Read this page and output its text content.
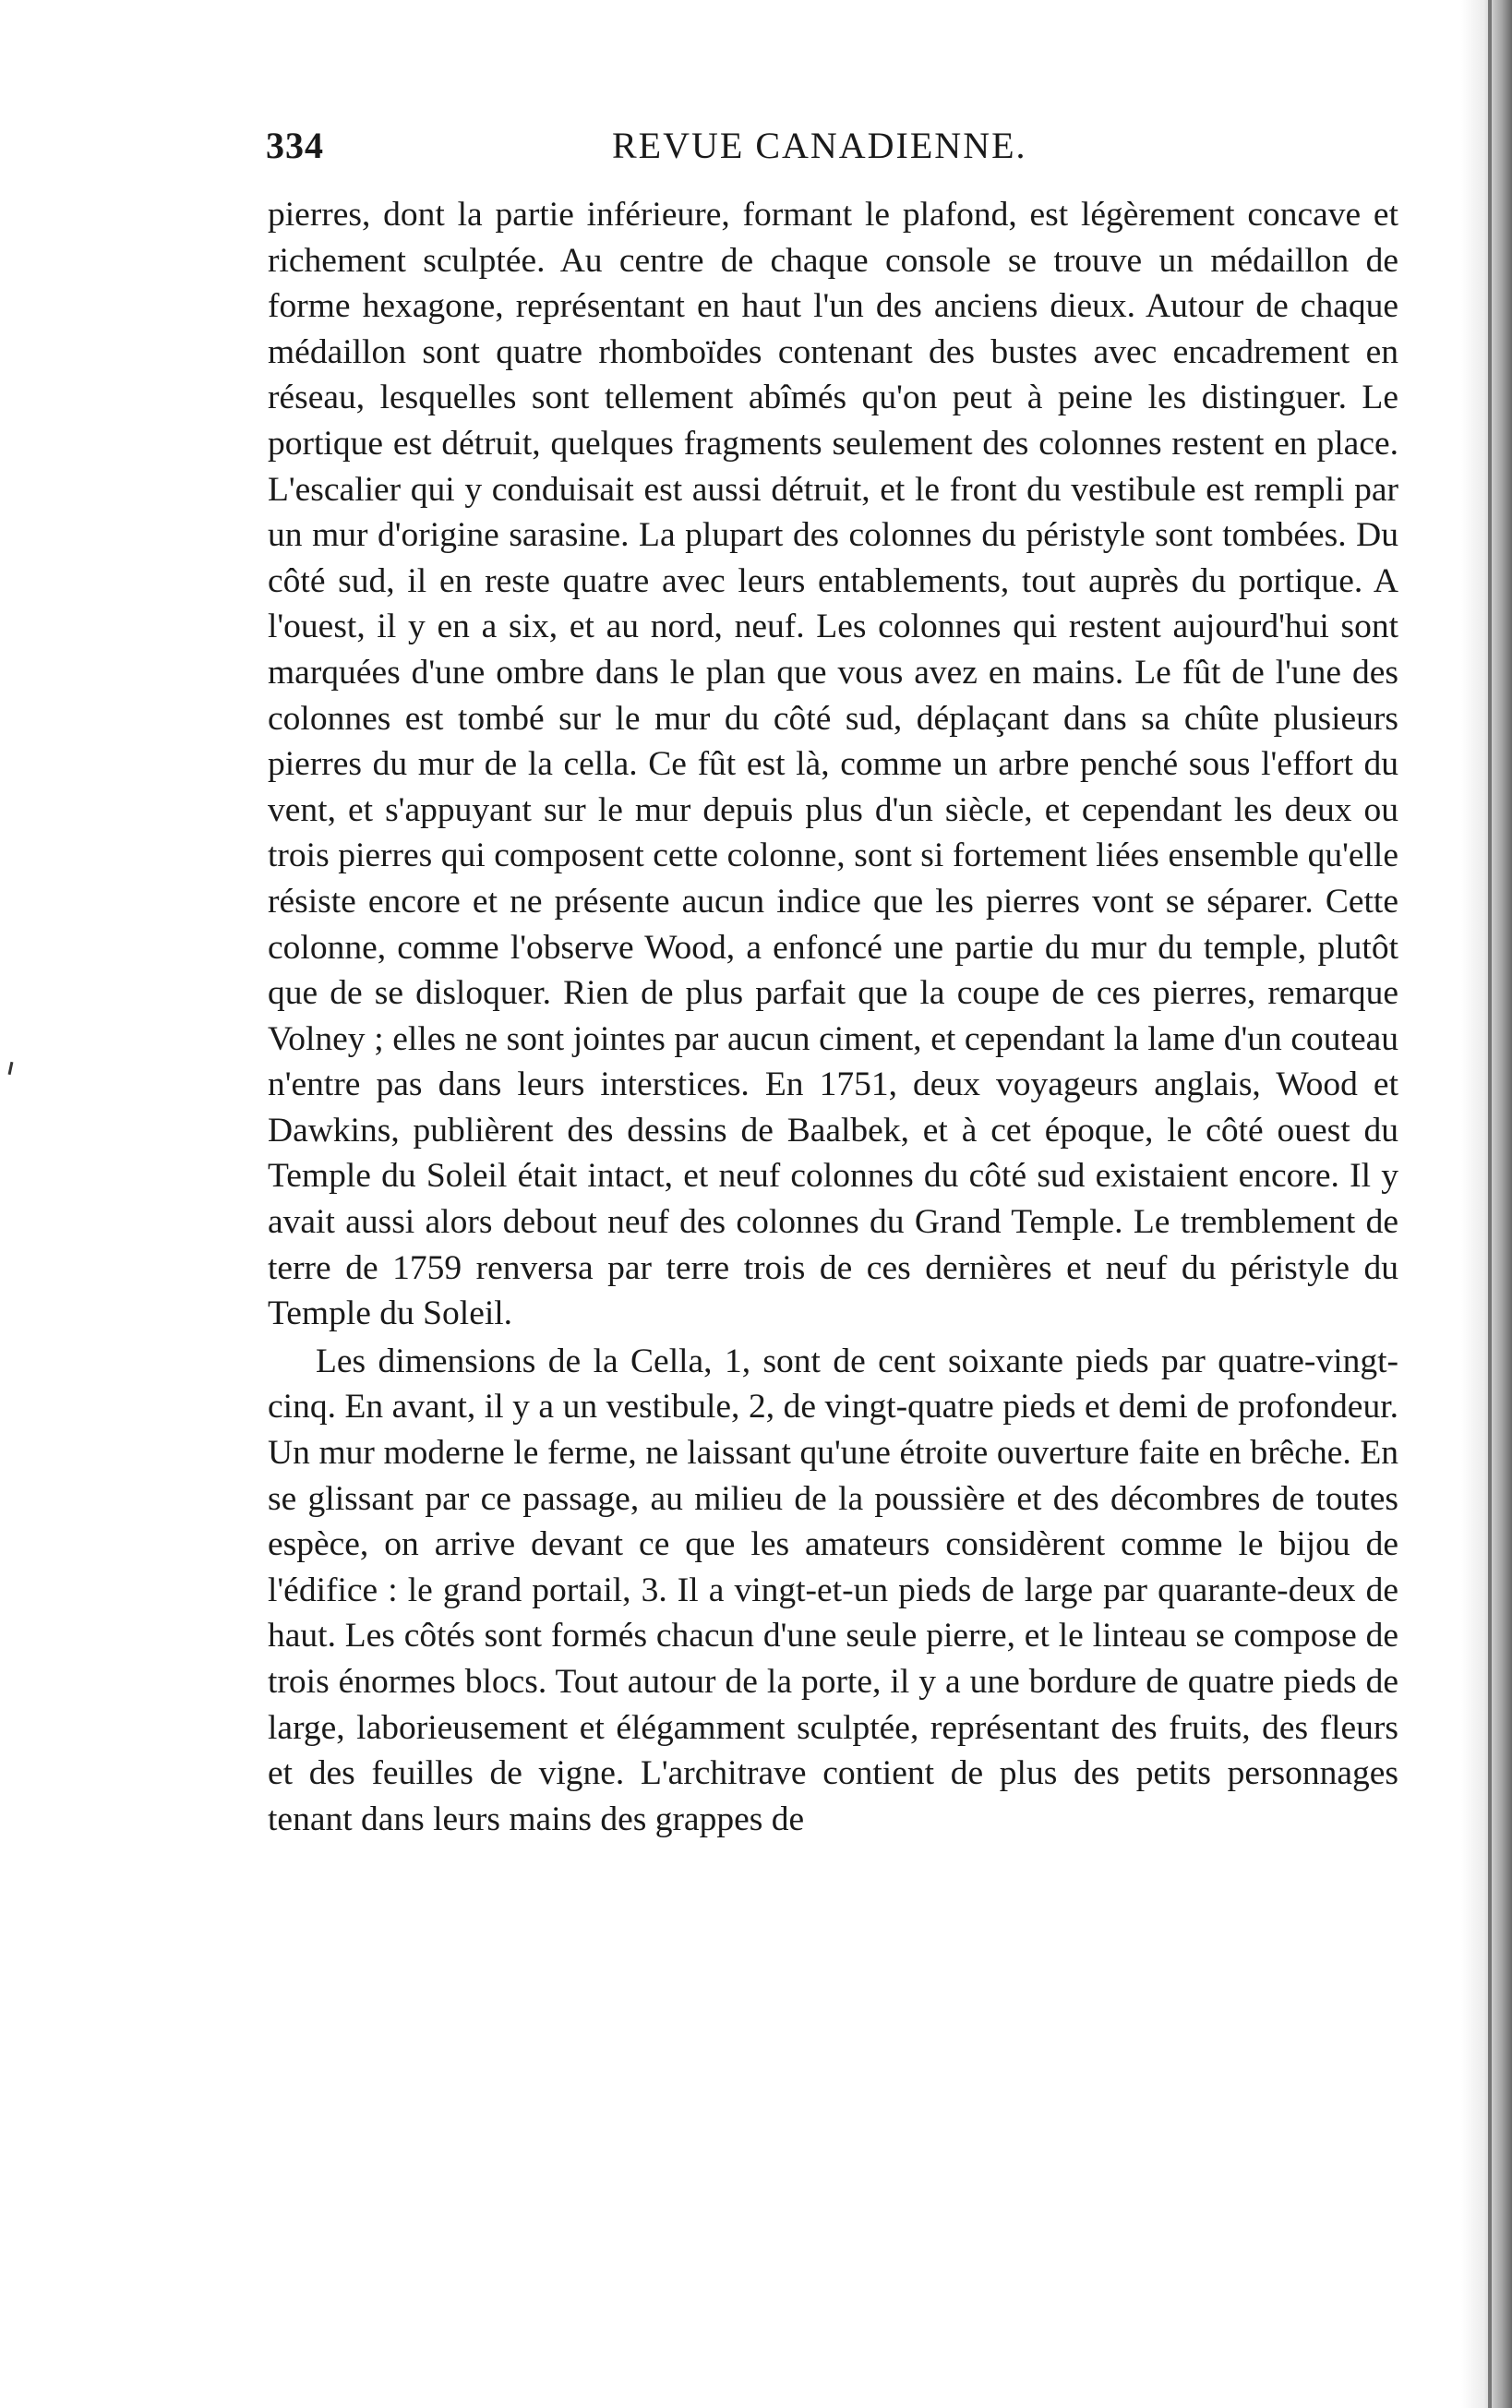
334	REVUE CANADIENNE.

pierres, dont la partie inférieure, formant le plafond, est légèrement concave et richement sculptée. Au centre de chaque console se trouve un médaillon de forme hexagone, représentant en haut l'un des anciens dieux. Autour de chaque médaillon sont quatre rhomboïdes contenant des bustes avec encadrement en réseau, lesquelles sont tellement abîmés qu'on peut à peine les distinguer. Le portique est détruit, quelques fragments seulement des colonnes restent en place. L'escalier qui y conduisait est aussi détruit, et le front du vestibule est rempli par un mur d'origine sarasine. La plupart des colonnes du péristyle sont tombées. Du côté sud, il en reste quatre avec leurs entablements, tout auprès du portique. A l'ouest, il y en a six, et au nord, neuf. Les colonnes qui restent aujourd'hui sont marquées d'une ombre dans le plan que vous avez en mains. Le fût de l'une des colonnes est tombé sur le mur du côté sud, déplaçant dans sa chûte plusieurs pierres du mur de la cella. Ce fût est là, comme un arbre penché sous l'effort du vent, et s'appuyant sur le mur depuis plus d'un siècle, et cependant les deux ou trois pierres qui composent cette colonne, sont si fortement liées ensemble qu'elle résiste encore et ne présente aucun indice que les pierres vont se séparer. Cette colonne, comme l'observe Wood, a enfoncé une partie du mur du temple, plutôt que de se disloquer. Rien de plus parfait que la coupe de ces pierres, remarque Volney ; elles ne sont jointes par aucun ciment, et cependant la lame d'un couteau n'entre pas dans leurs interstices. En 1751, deux voyageurs anglais, Wood et Dawkins, publièrent des dessins de Baalbek, et à cet époque, le côté ouest du Temple du Soleil était intact, et neuf colonnes du côté sud existaient encore. Il y avait aussi alors debout neuf des colonnes du Grand Temple. Le tremblement de terre de 1759 renversa par terre trois de ces dernières et neuf du péristyle du Temple du Soleil.

Les dimensions de la Cella, 1, sont de cent soixante pieds par quatre-vingt-cinq. En avant, il y a un vestibule, 2, de vingt-quatre pieds et demi de profondeur. Un mur moderne le ferme, ne laissant qu'une étroite ouverture faite en brêche. En se glissant par ce passage, au milieu de la poussière et des décombres de toutes espèce, on arrive devant ce que les amateurs considèrent comme le bijou de l'édifice : le grand portail, 3. Il a vingt-et-un pieds de large par quarante-deux de haut. Les côtés sont formés chacun d'une seule pierre, et le linteau se compose de trois énormes blocs. Tout autour de la porte, il y a une bordure de quatre pieds de large, laborieusement et élégamment sculptée, représentant des fruits, des fleurs et des feuilles de vigne. L'architrave contient de plus des petits personnages tenant dans leurs mains des grappes de
